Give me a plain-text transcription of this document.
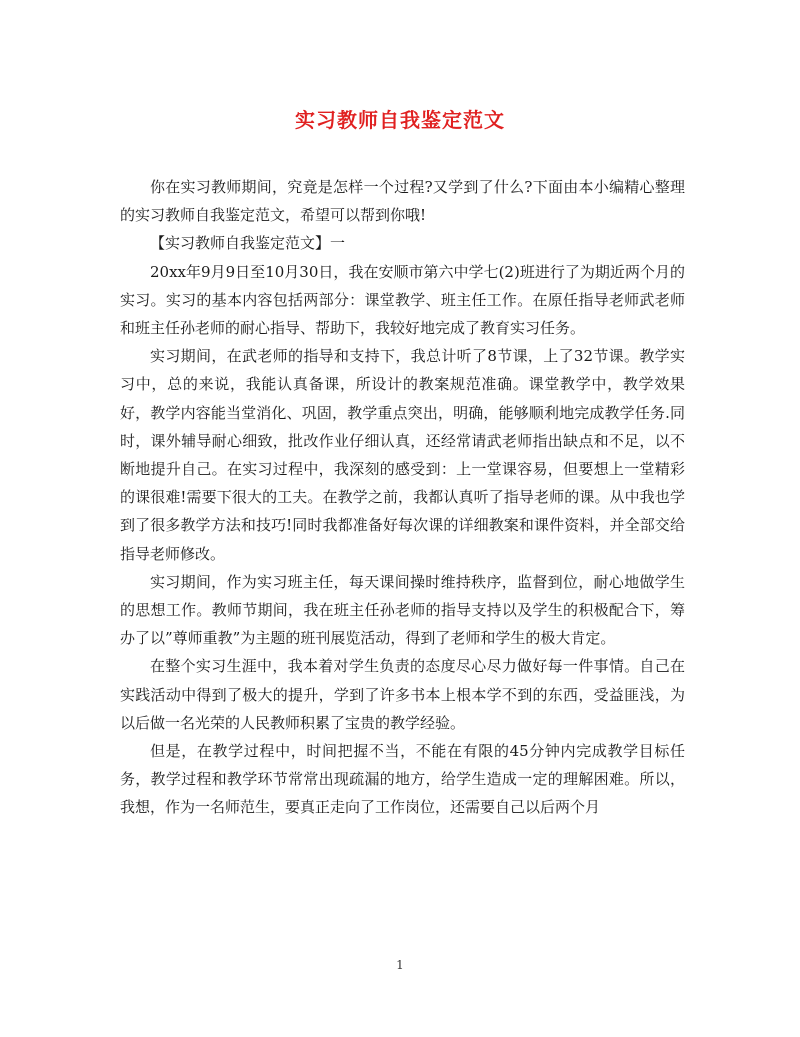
实习教师自我鉴定范文

你在实习教师期间，究竟是怎样一个过程?又学到了什么?下面由本小编精心整理的实习教师自我鉴定范文，希望可以帮到你哦!

【实习教师自我鉴定范文】一

20xx年9月9日至10月30日，我在安顺市第六中学七(2)班进行了为期近两个月的实习。实习的基本内容包括两部分：课堂教学、班主任工作。在原任指导老师武老师和班主任孙老师的耐心指导、帮助下，我较好地完成了教育实习任务。

实习期间，在武老师的指导和支持下，我总计听了8节课，上了32节课。教学实习中，总的来说，我能认真备课，所设计的教案规范准确。课堂教学中，教学效果好，教学内容能当堂消化、巩固，教学重点突出，明确，能够顺利地完成教学任务.同时，课外辅导耐心细致，批改作业仔细认真，还经常请武老师指出缺点和不足，以不断地提升自己。在实习过程中，我深刻的感受到：上一堂课容易，但要想上一堂精彩的课很难!需要下很大的工夫。在教学之前，我都认真听了指导老师的课。从中我也学到了很多教学方法和技巧!同时我都准备好每次课的详细教案和课件资料，并全部交给指导老师修改。

实习期间，作为实习班主任，每天课间操时维持秩序，监督到位，耐心地做学生的思想工作。教师节期间，我在班主任孙老师的指导支持以及学生的积极配合下，筹办了以”尊师重教”为主题的班刊展览活动，得到了老师和学生的极大肯定。

在整个实习生涯中，我本着对学生负责的态度尽心尽力做好每一件事情。自己在实践活动中得到了极大的提升，学到了许多书本上根本学不到的东西，受益匪浅，为以后做一名光荣的人民教师积累了宝贵的教学经验。

但是，在教学过程中，时间把握不当，不能在有限的45分钟内完成教学目标任务，教学过程和教学环节常常出现疏漏的地方，给学生造成一定的理解困难。所以，我想，作为一名师范生，要真正走向了工作岗位，还需要自己以后两个月

1
